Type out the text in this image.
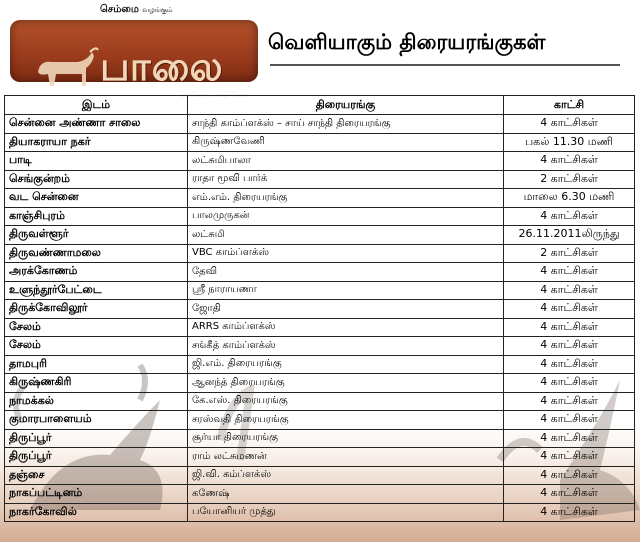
செம்மை வழங்கும்
பாலை
என்னோடு செமித் தோன
வெளியாகும் திரையரங்குகள்
இடம்	திரையரங்கு	காட்சி
சென்னை அண்ணா சாலை	சாந்தி காம்ப்ளக்ஸ் – சாய் சாந்தி திரையரங்கு	4 காட்சிகள்
தியாகராயா நகர்	கிருஷ்ணவேணி	பகல் 11.30 மணி
பாடி	லட்சுமிபாலா	4 காட்சிகள்
செங்குன்றம்	ராதா மூவி பார்க்	2 காட்சிகள்
வட சென்னை	எம்.எம். திரையரங்கு	மாலை 6.30 மணி
காஞ்சிபுரம்	பாலமுருகன்	4 காட்சிகள்
திருவள்ளூர்	லட்சுமி	26.11.2011லிருந்து
திருவண்ணாமலை	VBC காம்ப்ளக்ஸ்	2 காட்சிகள்
அரக்கோணம்	தேவி	4 காட்சிகள்
உளுந்தூர்பேட்டை	ஸ்ரீ நாராயணா	4 காட்சிகள்
திருக்கோவிலூர்	ஜோதி	4 காட்சிகள்
சேலம்	ARRS காம்ப்ளக்ஸ்	4 காட்சிகள்
சேலம்	சங்கீத் காம்ப்ளக்ஸ்	4 காட்சிகள்
தாமபுரி	ஜி.எம். திரையரங்கு	4 காட்சிகள்
கிருஷ்ணகிரி	ஆனந்த் திரையரங்கு	4 காட்சிகள்
நாமக்கல்	கே.எஸ். திரையரங்கு	4 காட்சிகள்
குமாரபாளையம்	சரஸ்வதி திரையரங்கு	4 காட்சிகள்
திருப்பூர்	சூர்யா திரையரங்கு	4 காட்சிகள்
திருப்பூர்	ராம் லட்சுமணன்	4 காட்சிகள்
தஞ்சை	ஜி.வி. கம்ப்ளக்ஸ்	4 காட்சிகள்
நாகப்பட்டினம்	கணேஷ்	4 காட்சிகள்
நாகர்கோவில்	பயோனியர் முத்து	4 காட்சிகள்
